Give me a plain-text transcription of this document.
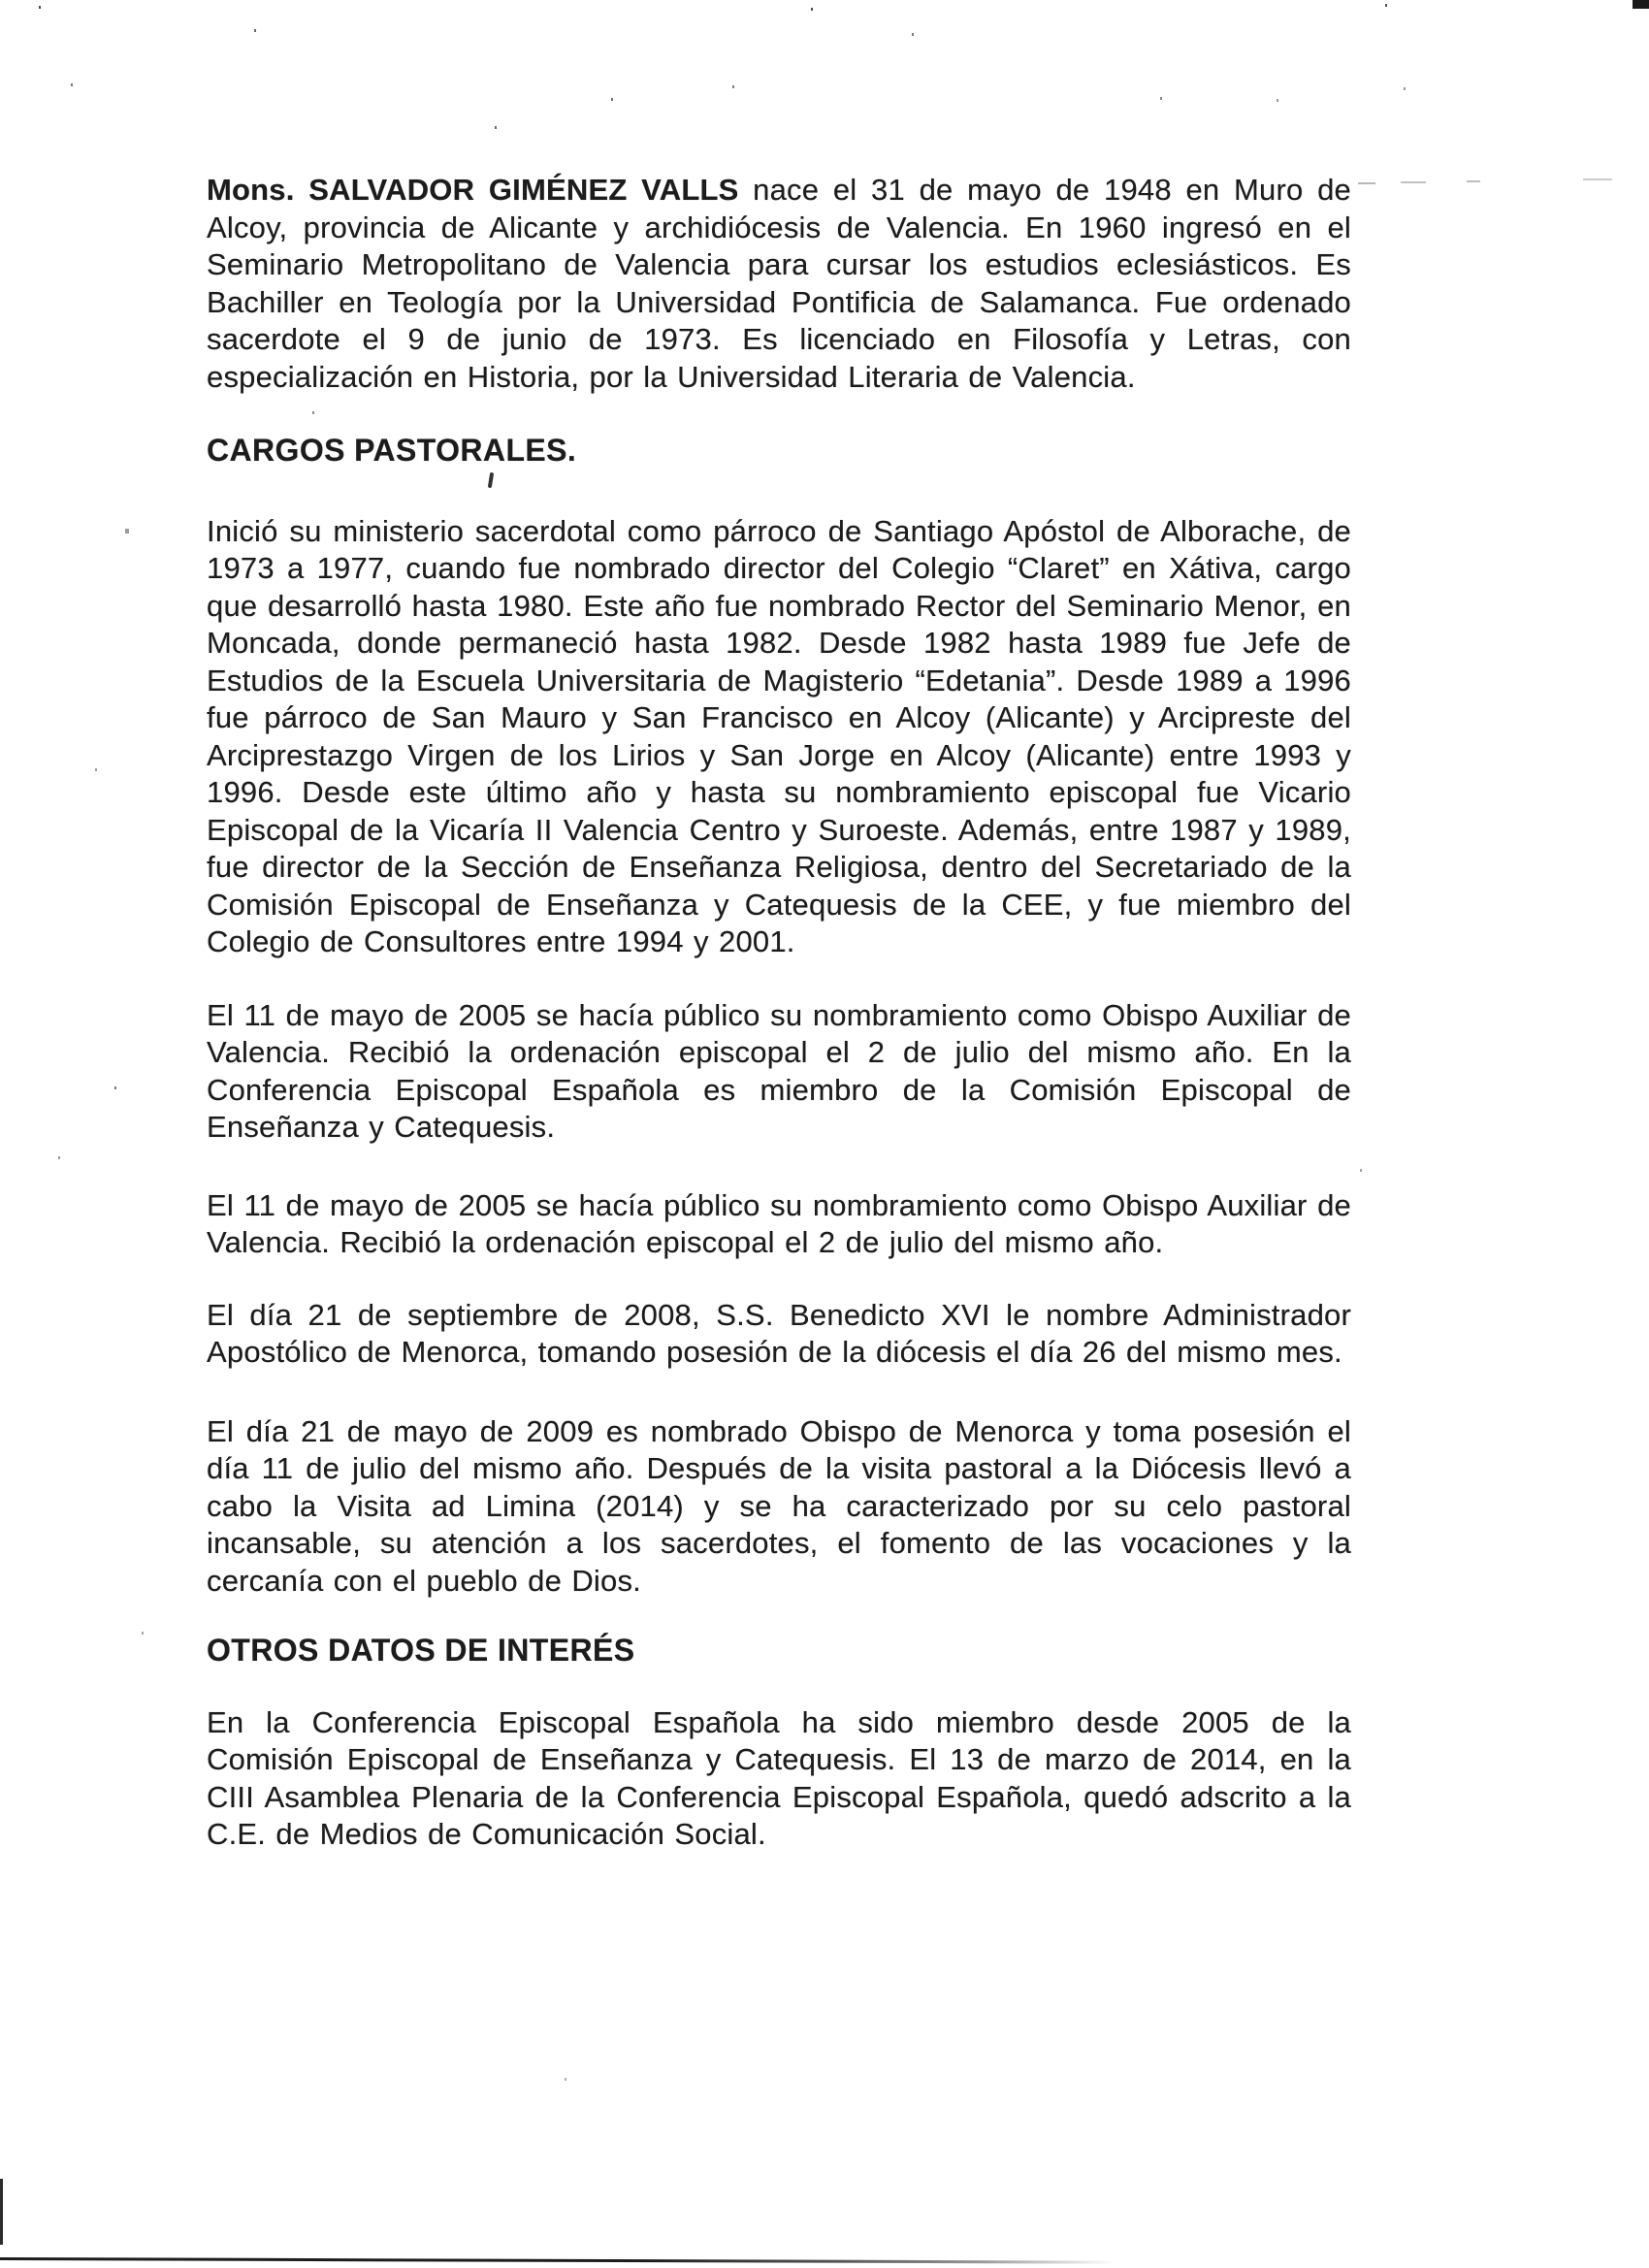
Mons. SALVADOR GIMÉNEZ VALLS nace el 31 de mayo de 1948 en Muro de Alcoy, provincia de Alicante y archidiócesis de Valencia. En 1960 ingresó en el Seminario Metropolitano de Valencia para cursar los estudios eclesiásticos. Es Bachiller en Teología por la Universidad Pontificia de Salamanca. Fue ordenado sacerdote el 9 de junio de 1973. Es licenciado en Filosofía y Letras, con especialización en Historia, por la Universidad Literaria de Valencia.

CARGOS PASTORALES.

Inició su ministerio sacerdotal como párroco de Santiago Apóstol de Alborache, de 1973 a 1977, cuando fue nombrado director del Colegio “Claret” en Xátiva, cargo que desarrolló hasta 1980. Este año fue nombrado Rector del Seminario Menor, en Moncada, donde permaneció hasta 1982. Desde 1982 hasta 1989 fue Jefe de Estudios de la Escuela Universitaria de Magisterio “Edetania”. Desde 1989 a 1996 fue párroco de San Mauro y San Francisco en Alcoy (Alicante) y Arcipreste del Arciprestazgo Virgen de los Lirios y San Jorge en Alcoy (Alicante) entre 1993 y 1996. Desde este último año y hasta su nombramiento episcopal fue Vicario Episcopal de la Vicaría II Valencia Centro y Suroeste. Además, entre 1987 y 1989, fue director de la Sección de Enseñanza Religiosa, dentro del Secretariado de la Comisión Episcopal de Enseñanza y Catequesis de la CEE, y fue miembro del Colegio de Consultores entre 1994 y 2001.

El 11 de mayo de 2005 se hacía público su nombramiento como Obispo Auxiliar de Valencia. Recibió la ordenación episcopal el 2 de julio del mismo año. En la Conferencia Episcopal Española es miembro de la Comisión Episcopal de Enseñanza y Catequesis.

El 11 de mayo de 2005 se hacía público su nombramiento como Obispo Auxiliar de Valencia. Recibió la ordenación episcopal el 2 de julio del mismo año.

El día 21 de septiembre de 2008, S.S. Benedicto XVI le nombre Administrador Apostólico de Menorca, tomando posesión de la diócesis el día 26 del mismo mes.

El día 21 de mayo de 2009 es nombrado Obispo de Menorca y toma posesión el día 11 de julio del mismo año. Después de la visita pastoral a la Diócesis llevó a cabo la Visita ad Limina (2014) y se ha caracterizado por su celo pastoral incansable, su atención a los sacerdotes, el fomento de las vocaciones y la cercanía con el pueblo de Dios.

OTROS DATOS DE INTERÉS

En la Conferencia Episcopal Española ha sido miembro desde 2005 de la Comisión Episcopal de Enseñanza y Catequesis. El 13 de marzo de 2014, en la CIII Asamblea Plenaria de la Conferencia Episcopal Española, quedó adscrito a la C.E. de Medios de Comunicación Social.
